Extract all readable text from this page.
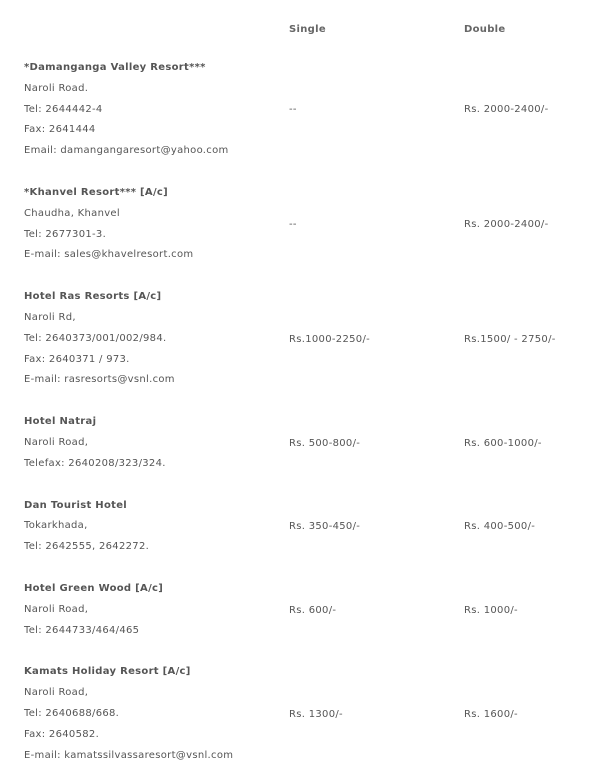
	Single	Double

*Damanganga Valley Resort***
Naroli Road.
Tel: 2644442-4
Fax: 2641444
Email: damangangaresort@yahoo.com	--	Rs. 2000-2400/-

*Khanvel Resort*** [A/c]
Chaudha, Khanvel
Tel: 2677301-3.
E-mail: sales@khavelresort.com	--	Rs. 2000-2400/-

Hotel Ras Resorts [A/c]
Naroli Rd,
Tel: 2640373/001/002/984.
Fax: 2640371 / 973.
E-mail: rasresorts@vsnl.com	Rs.1000-2250/-	Rs.1500/ - 2750/-

Hotel Natraj
Naroli Road,
Telefax: 2640208/323/324.	Rs. 500-800/-	Rs. 600-1000/-

Dan Tourist Hotel
Tokarkhada,
Tel: 2642555, 2642272.	Rs. 350-450/-	Rs. 400-500/-

Hotel Green Wood [A/c]
Naroli Road,
Tel: 2644733/464/465	Rs. 600/-	Rs. 1000/-

Kamats Holiday Resort [A/c]
Naroli Road,
Tel: 2640688/668.
Fax: 2640582.
E-mail: kamatssilvassaresort@vsnl.com	Rs. 1300/-	Rs. 1600/-
